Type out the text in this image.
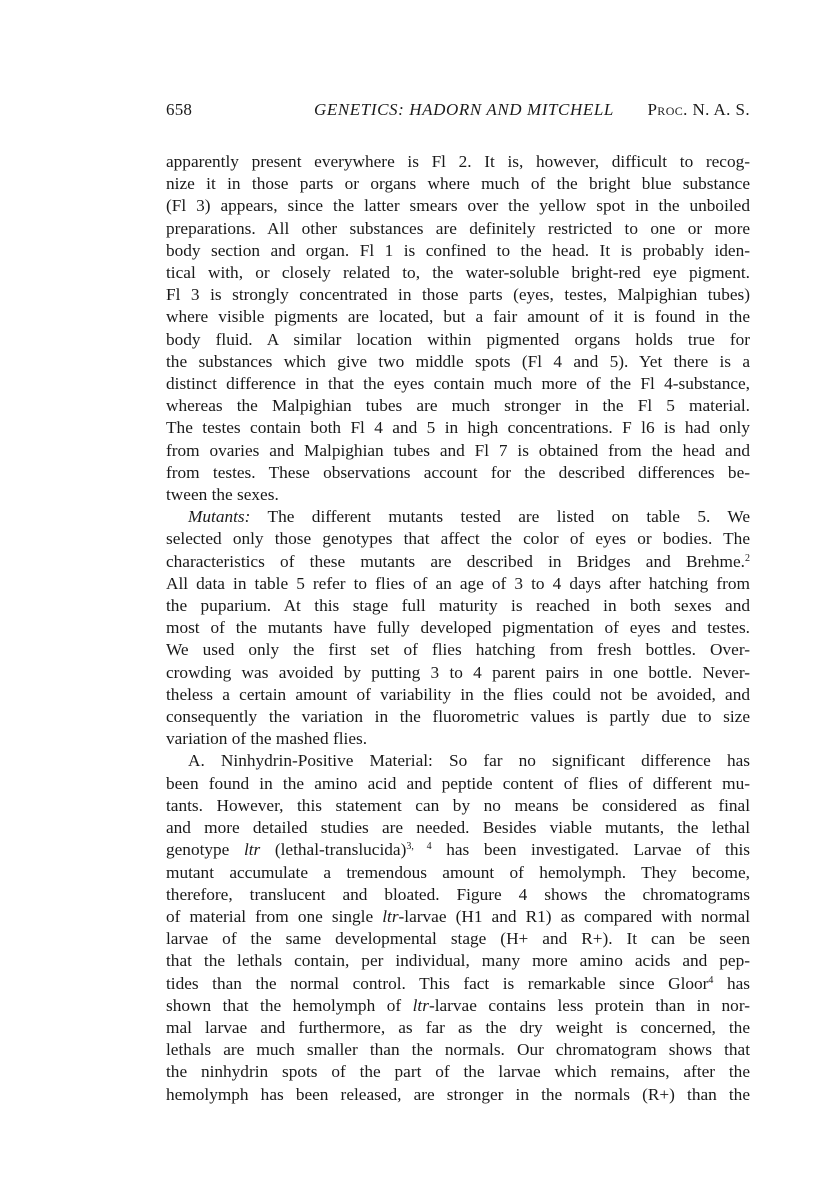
658	GENETICS: HADORN AND MITCHELL Proc. N. A. S.
apparently present everywhere is Fl 2. It is, however, difficult to recog-
nize it in those parts or organs where much of the bright blue substance
(Fl 3) appears, since the latter smears over the yellow spot in the unboiled
preparations. All other substances are definitely restricted to one or more
body section and organ. Fl 1 is confined to the head. It is probably iden-
tical with, or closely related to, the water-soluble bright-red eye pigment.
Fl 3 is strongly concentrated in those parts (eyes, testes, Malpighian tubes)
where visible pigments are located, but a fair amount of it is found in the
body fluid. A similar location within pigmented organs holds true for
the substances which give two middle spots (Fl 4 and 5). Yet there is a
distinct difference in that the eyes contain much more of the Fl 4-substance,
whereas the Malpighian tubes are much stronger in the Fl 5 material.
The testes contain both Fl 4 and 5 in high concentrations. F l6 is had only
from ovaries and Malpighian tubes and Fl 7 is obtained from the head and
from testes. These observations account for the described differences be-
tween the sexes.
Mutants: The different mutants tested are listed on table 5. We
selected only those genotypes that affect the color of eyes or bodies. The
characteristics of these mutants are described in Bridges and Brehme.$^2$
All data in table 5 refer to flies of an age of 3 to 4 days after hatching from
the puparium. At this stage full maturity is reached in both sexes and
most of the mutants have fully developed pigmentation of eyes and testes.
We used only the first set of flies hatching from fresh bottles. Over-
crowding was avoided by putting 3 to 4 parent pairs in one bottle. Never-
theless a certain amount of variability in the flies could not be avoided, and
consequently the variation in the fluorometric values is partly due to size
variation of the mashed flies.
A. Ninhydrin-Positive Material: So far no significant difference has
been found in the amino acid and peptide content of flies of different mu-
tants. However, this statement can by no means be considered as final
and more detailed studies are needed. Besides viable mutants, the lethal
genotype ltr (lethal-translucida)$^{3, 4}$ has been investigated. Larvae of this
mutant accumulate a tremendous amount of hemolymph. They become,
therefore, translucent and bloated. Figure 4 shows the chromatograms
of material from one single ltr-larvae (H1 and R1) as compared with normal
larvae of the same developmental stage (H+ and R+). It can be seen
that the lethals contain, per individual, many more amino acids and pep-
tides than the normal control. This fact is remarkable since Gloor$^4$ has
shown that the hemolymph of ltr-larvae contains less protein than in nor-
mal larvae and furthermore, as far as the dry weight is concerned, the
lethals are much smaller than the normals. Our chromatogram shows that
the ninhydrin spots of the part of the larvae which remains, after the
hemolymph has been released, are stronger in the normals (R+) than the
